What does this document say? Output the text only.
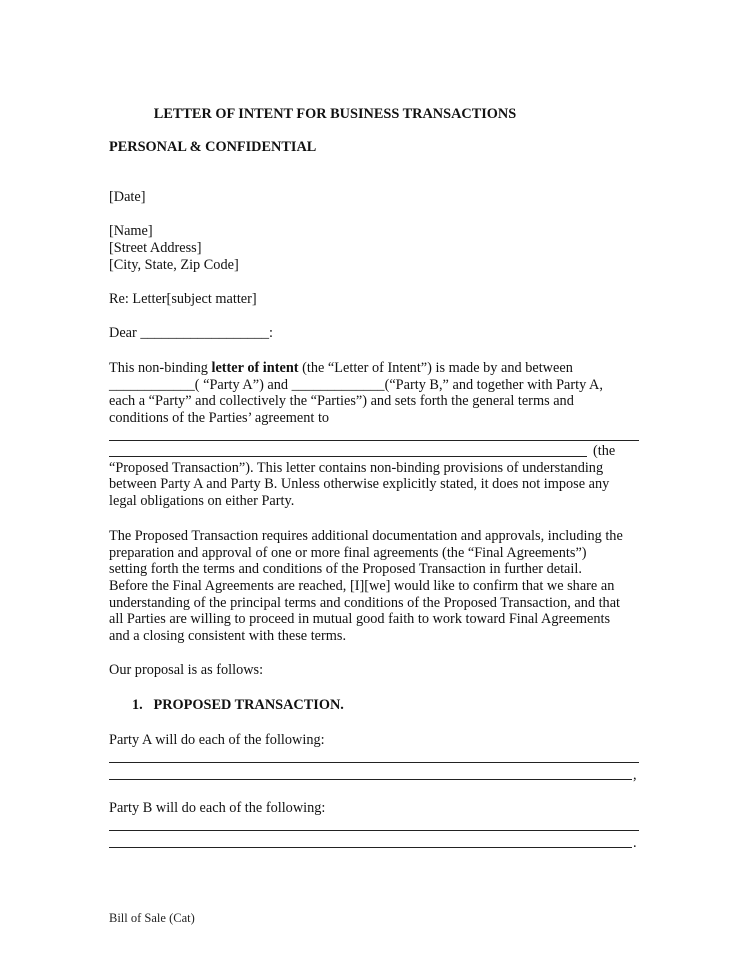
LETTER OF INTENT FOR BUSINESS TRANSACTIONS
PERSONAL & CONFIDENTIAL
[Date]
[Name]
[Street Address]
[City, State, Zip Code]
Re: Letter[subject matter]
Dear __________________:
This non-binding letter of intent (the “Letter of Intent”) is made by and between
____________( “Party A”) and _____________(“Party B,” and together with Party A,
each a “Party” and collectively the “Parties”) and sets forth the general terms and
conditions of the Parties’ agreement to
(the
“Proposed Transaction”). This letter contains non-binding provisions of understanding
between Party A and Party B. Unless otherwise explicitly stated, it does not impose any
legal obligations on either Party.
The Proposed Transaction requires additional documentation and approvals, including the
preparation and approval of one or more final agreements (the “Final Agreements”)
setting forth the terms and conditions of the Proposed Transaction in further detail.
Before the Final Agreements are reached, [I][we] would like to confirm that we share an
understanding of the principal terms and conditions of the Proposed Transaction, and that
all Parties are willing to proceed in mutual good faith to work toward Final Agreements
and a closing consistent with these terms.
Our proposal is as follows:
1. PROPOSED TRANSACTION.
Party A will do each of the following:
,
Party B will do each of the following:
.
Bill of Sale (Cat)
